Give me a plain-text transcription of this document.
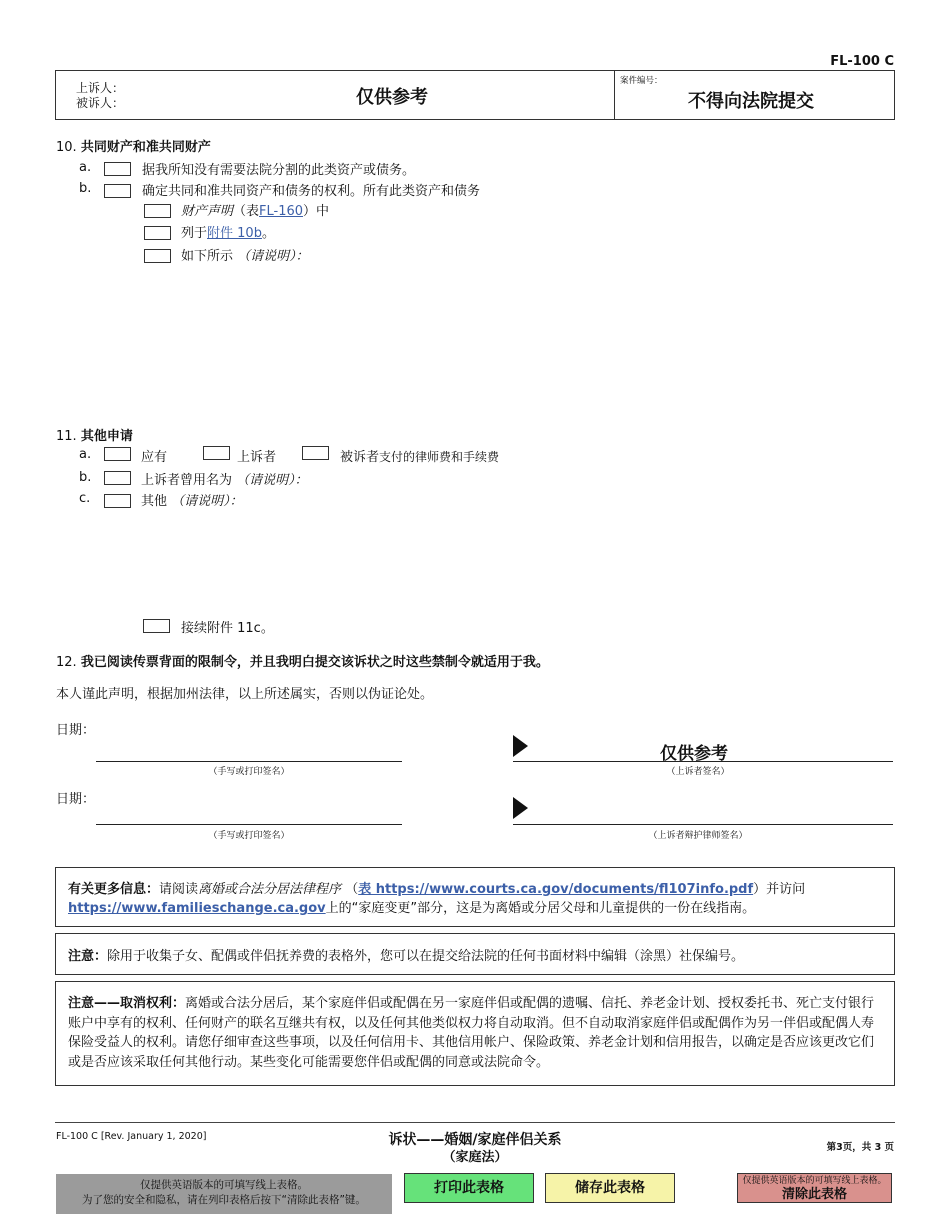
FL-100 C
上诉人：
被诉人：	仅供参考
案件编号：
不得向法院提交
10. 共同财产和准共同财产
a.	据我所知没有需要法院分割的此类资产或债务。
b.	确定共同和准共同资产和债务的权利。所有此类资产和债务
财产声明（表FL-160）中
列于附件 10b。
如下所示 （请说明）：
11. 其他申请
a.	应有	上诉者	被诉者支付的律师费和手续费
b.	上诉者曾用名为 （请说明）：
c.	其他 （请说明）：
接续附件 11c。
12. 我已阅读传票背面的限制令，并且我明白提交该诉状之时这些禁制令就适用于我。
本人谨此声明，根据加州法律，以上所述属实，否则以伪证论处。
日期：
（手写或打印签名）
仅供参考
（上诉者签名）
日期：
（手写或打印签名）	（上诉者辩护律师签名）
有关更多信息：请阅读离婚或合法分居法律程序 （表 https://www.courts.ca.gov/documents/fl107info.pdf）并访问 https://www.familieschange.ca.gov上的“家庭变更”部分，这是为离婚或分居父母和儿童提供的一份在线指南。
注意：除用于收集子女、配偶或伴侣抚养费的表格外，您可以在提交给法院的任何书面材料中编辑（涂黑）社保编号。
注意——取消权利：离婚或合法分居后，某个家庭伴侣或配偶在另一家庭伴侣或配偶的遗嘱、信托、养老金计划、授权委托书、死亡支付银行账户中享有的权利、任何财产的联名互继共有权，以及任何其他类似权力将自动取消。但不自动取消家庭伴侣或配偶作为另一伴侣或配偶人寿保险受益人的权利。请您仔细审查这些事项，以及任何信用卡、其他信用帐户、保险政策、养老金计划和信用报告，以确定是否应该更改它们或是否应该采取任何其他行动。某些变化可能需要您伴侣或配偶的同意或法院命令。
FL-100 C [Rev. January 1, 2020]	诉状——婚姻/家庭伴侣关系
（家庭法）
第3页，共 3 页
仅提供英语版本的可填写线上表格。
为了您的安全和隐私，请在列印表格后按下“清除此表格”键。
打印此表格	储存此表格	仅提供英语版本的可填写线上表格。
清除此表格
